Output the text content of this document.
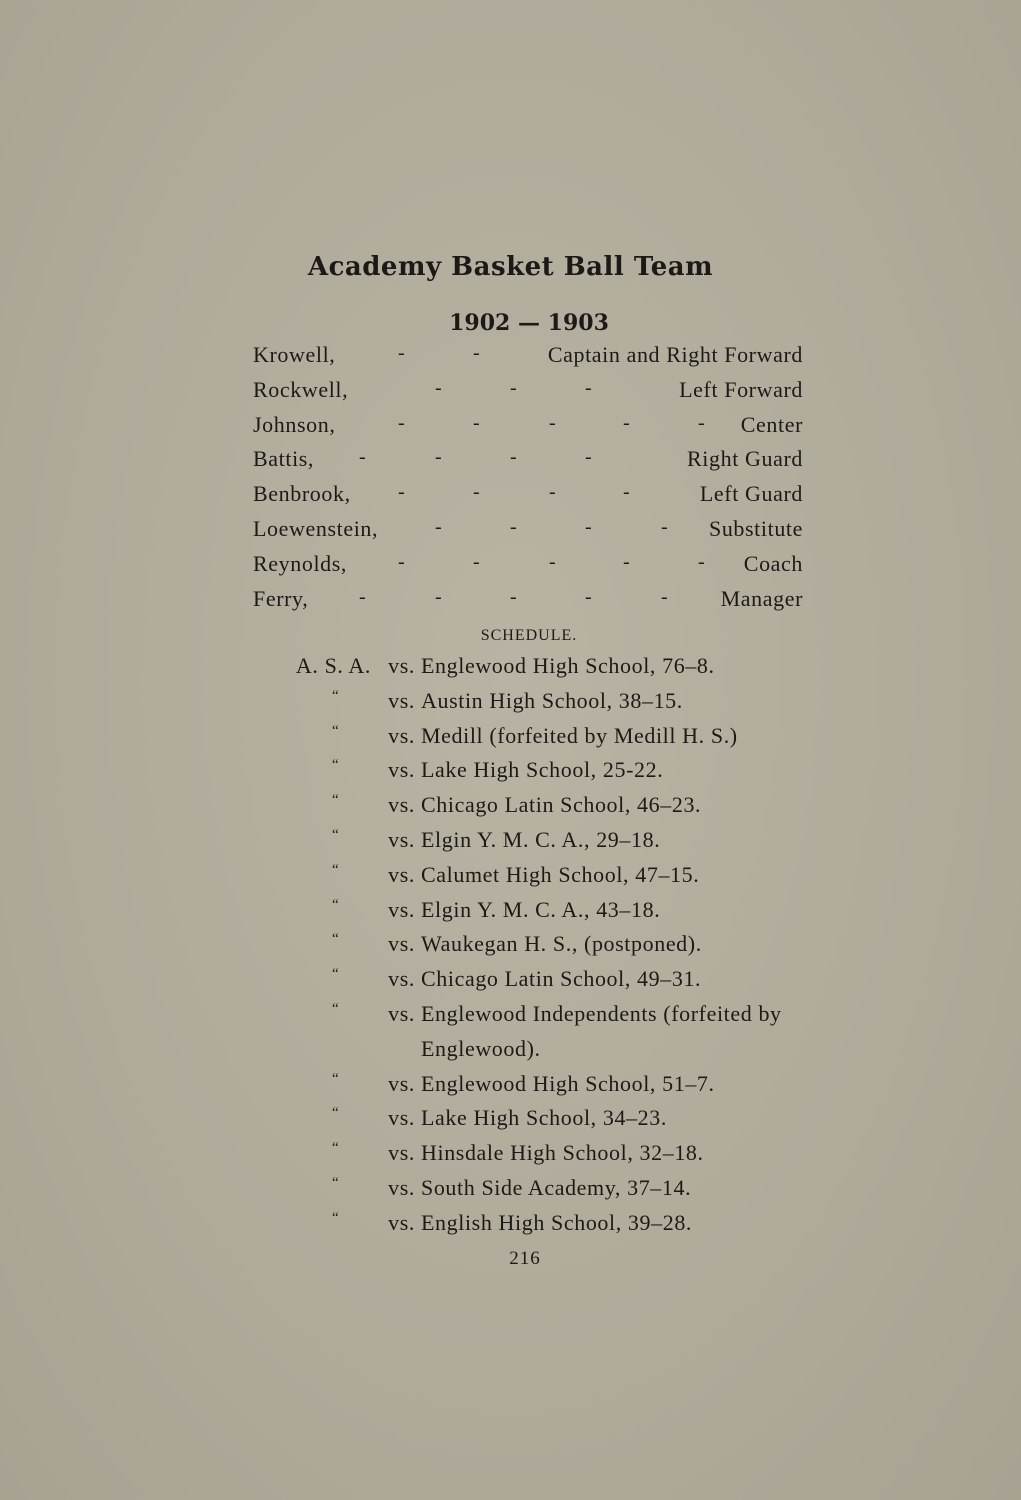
Academy Basket Ball Team
1902 — 1903
Krowell,	-	-	Captain and Right Forward
Rockwell,	-	-	-	Left Forward
Johnson,	-	-	-	-	- Center
Battis, -	-	-	-	Right Guard
Benbrook, -	-	-	-	Left Guard
Loewenstein,	-	-	-	- Substitute
Reynolds,	-	-	-	-	- Coach
Ferry,	-	-	-	-	- Manager
SCHEDULE.
A. S. A. vs. Englewood High School, 76–8.
“ vs. Austin High School, 38–15.
“ vs. Medill (forfeited by Medill H. S.)
“ vs. Lake High School, 25-22.
“ vs. Chicago Latin School, 46–23.
“ vs. Elgin Y. M. C. A., 29–18.
“ vs. Calumet High School, 47–15.
“ vs. Elgin Y. M. C. A., 43–18.
“ vs. Waukegan H. S., (postponed).
“ vs. Chicago Latin School, 49–31.
“ vs. Englewood Independents (forfeited by
Englewood).
“ vs. Englewood High School, 51–7.
“ vs. Lake High School, 34–23.
“ vs. Hinsdale High School, 32–18.
“ vs. South Side Academy, 37–14.
“ vs. English High School, 39–28.
216
